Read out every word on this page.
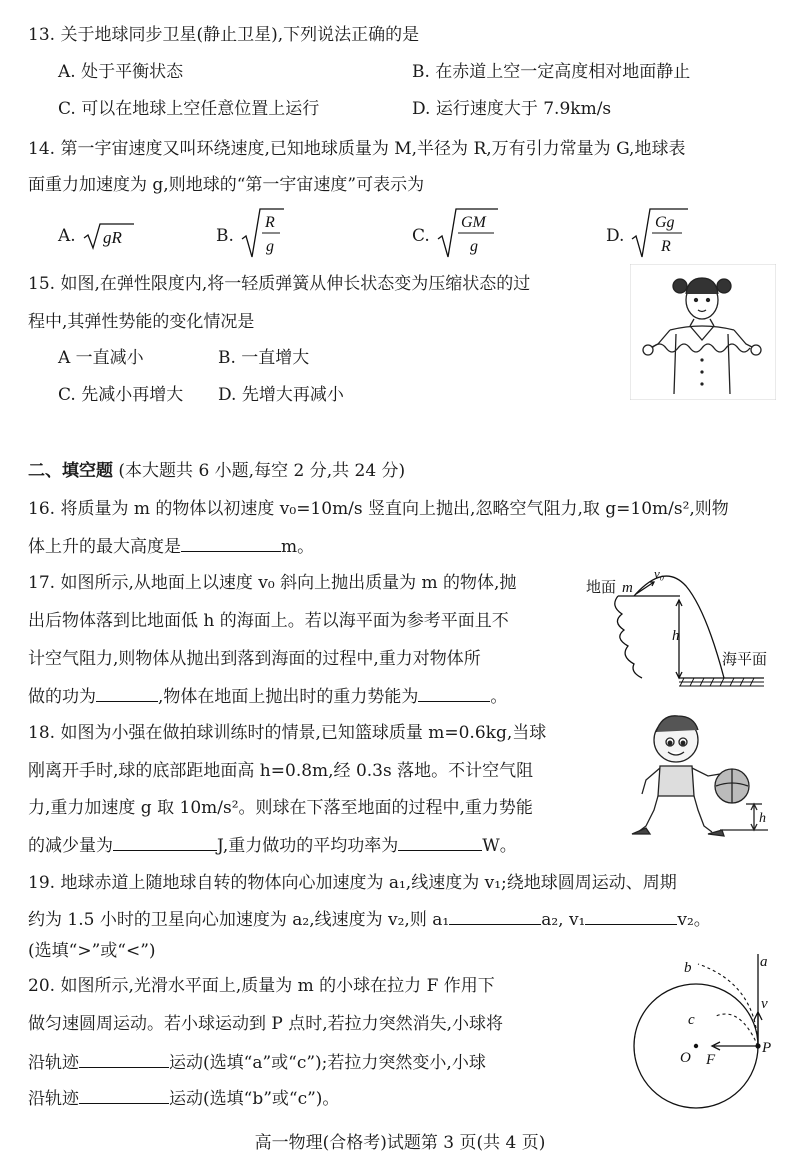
13. 关于地球同步卫星(静止卫星),下列说法正确的是
A. 处于平衡状态	B. 在赤道上空一定高度相对地面静止
C. 可以在地球上空任意位置上运行	D. 运行速度大于 7.9km/s
14. 第一宇宙速度又叫环绕速度,已知地球质量为 M,半径为 R,万有引力常量为 G,地球表
面重力加速度为 g,则地球的“第一宇宙速度”可表示为
A. gR	B.
R
g
C.
GM
g
D.
Gg
R
15. 如图,在弹性限度内,将一轻质弹簧从伸长状态变为压缩状态的过
程中,其弹性势能的变化情况是
A 一直减小	B. 一直增大
C. 先减小再增大 D. 先增大再减小
二、填空题 (本大题共 6 小题,每空 2 分,共 24 分)
16. 将质量为 m 的物体以初速度 v₀=10m/s 竖直向上抛出,忽略空气阻力,取 g=10m/s²,则物
体上升的最大高度是	m。
17. 如图所示,从地面上以速度 v₀ 斜向上抛出质量为 m 的物体,抛
出后物体落到比地面低 h 的海面上。若以海平面为参考平面且不
计空气阻力,则物体从抛出到落到海面的过程中,重力对物体所
做的功为	,物体在地面上抛出时的重力势能为	。
地面 m
v₀
h
海平面
18. 如图为小强在做拍球训练时的情景,已知篮球质量 m=0.6kg,当球
刚离开手时,球的底部距地面高 h=0.8m,经 0.3s 落地。不计空气阻
力,重力加速度 g 取 10m/s²。则球在下落至地面的过程中,重力势能
的减少量为	J,重力做功的平均功率为	W。
h
19. 地球赤道上随地球自转的物体向心加速度为 a₁,线速度为 v₁;绕地球圆周运动、周期
约为 1.5 小时的卫星向心加速度为 a₂,线速度为 v₂,则 a₁	a₂, v₁	v₂。
(选填“>”或“<”)
20. 如图所示,光滑水平面上,质量为 m 的小球在拉力 F 作用下
做匀速圆周运动。若小球运动到 P 点时,若拉力突然消失,小球将
沿轨迹	运动(选填“a”或“c”);若拉力突然变小,小球
沿轨迹	运动(选填“b”或“c”)。
a
b
c
v
O F
P
高一物理(合格考)试题第 3 页(共 4 页)
